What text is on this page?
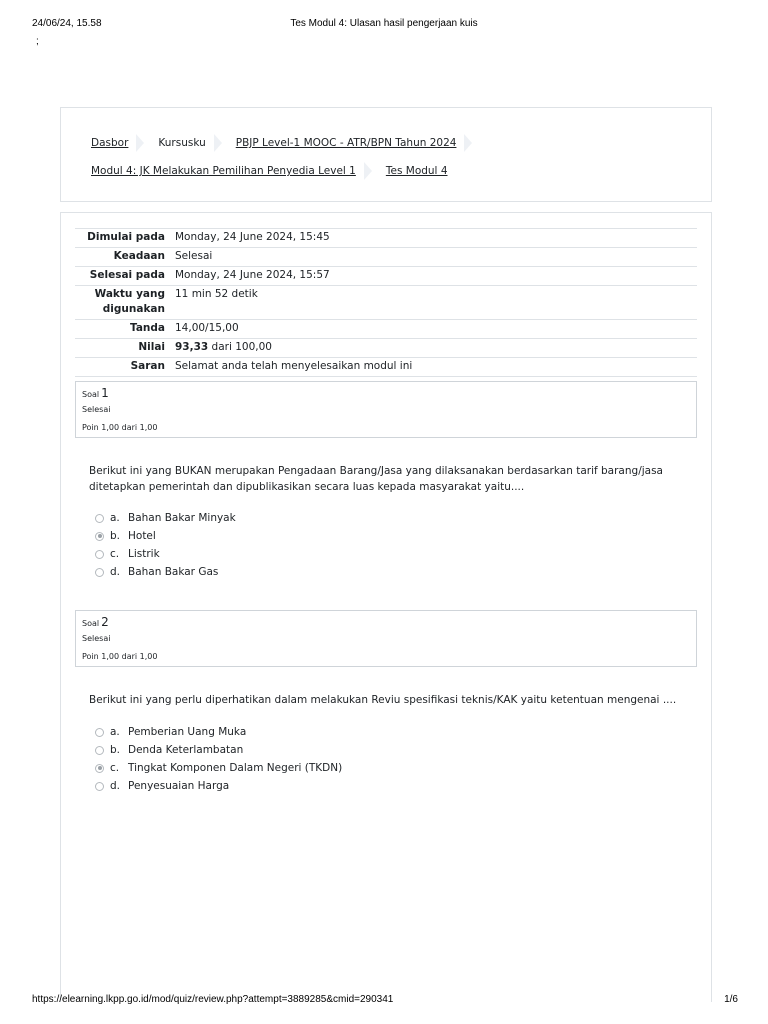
24/06/24, 15.58	Tes Modul 4: Ulasan hasil pengerjaan kuis
;
Dasbor	Kursusku	PBJP Level-1 MOOC - ATR/BPN Tahun 2024
Modul 4: JK Melakukan Pemilihan Penyedia Level 1	Tes Modul 4
Dimulai pada	Monday, 24 June 2024, 15:45
Keadaan	Selesai
Selesai pada	Monday, 24 June 2024, 15:57
Waktu yang digunakan	11 min 52 detik
Tanda	14,00/15,00
Nilai	93,33 dari 100,00
Saran	Selamat anda telah menyelesaikan modul ini
Soal 1
Selesai
Poin 1,00 dari 1,00
Berikut ini yang BUKAN merupakan Pengadaan Barang/Jasa yang dilaksanakan berdasarkan tarif barang/jasa ditetapkan pemerintah dan dipublikasikan secara luas kepada masyarakat yaitu....
a. Bahan Bakar Minyak
b. Hotel
c. Listrik
d. Bahan Bakar Gas
Soal 2
Selesai
Poin 1,00 dari 1,00
Berikut ini yang perlu diperhatikan dalam melakukan Reviu spesifikasi teknis/KAK yaitu ketentuan mengenai ....
a. Pemberian Uang Muka
b. Denda Keterlambatan
c. Tingkat Komponen Dalam Negeri (TKDN)
d. Penyesuaian Harga
https://elearning.lkpp.go.id/mod/quiz/review.php?attempt=3889285&cmid=290341	1/6
